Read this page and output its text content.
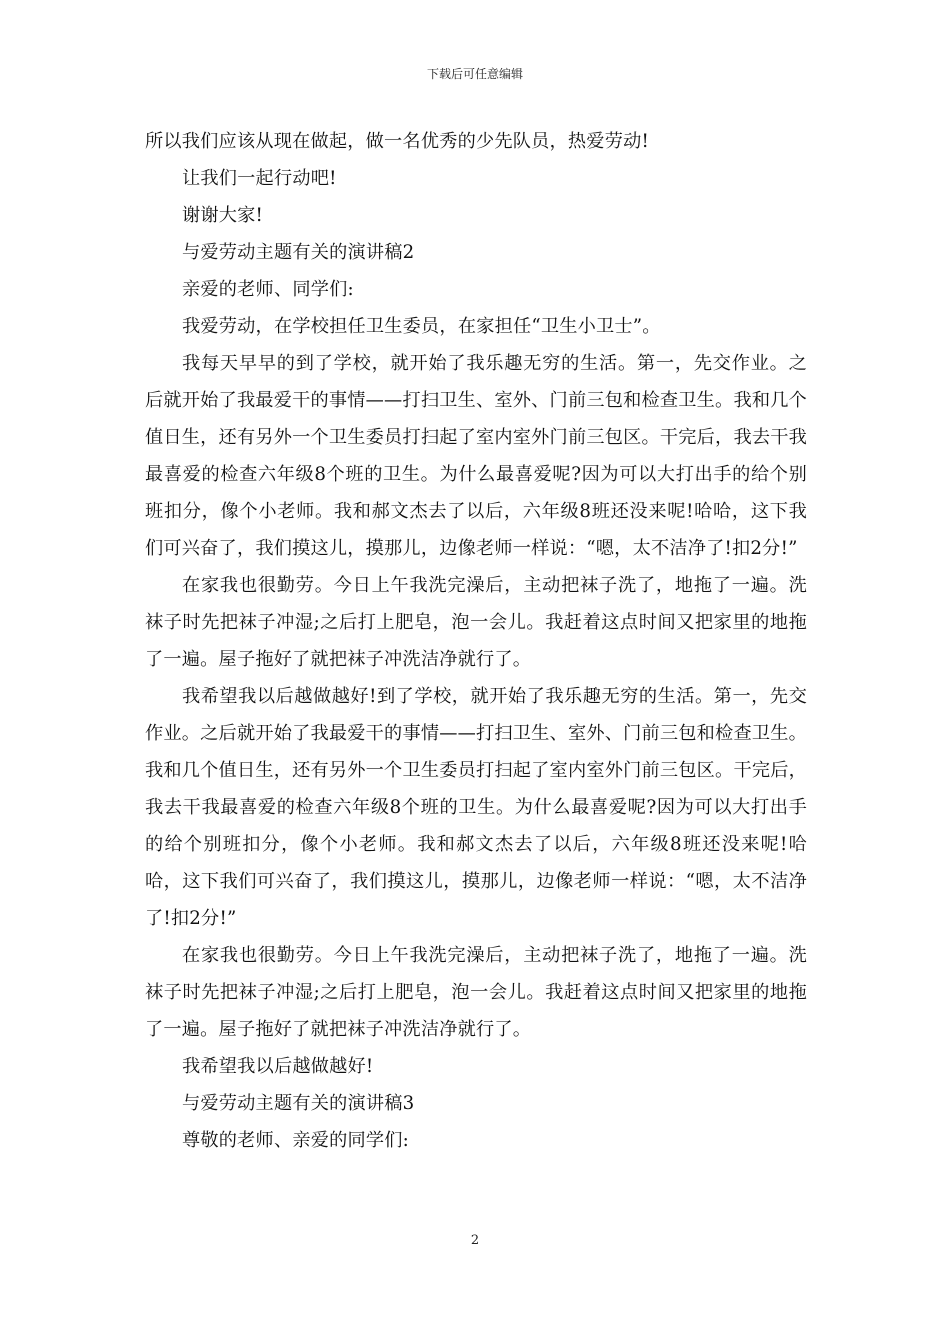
下载后可任意编辑

所以我们应该从现在做起，做一名优秀的少先队员，热爱劳动!

让我们一起行动吧!

谢谢大家!

与爱劳动主题有关的演讲稿2

亲爱的老师、同学们:

我爱劳动，在学校担任卫生委员，在家担任“卫生小卫士”。

我每天早早的到了学校，就开始了我乐趣无穷的生活。第一，先交作业。之后就开始了我最爱干的事情——打扫卫生、室外、门前三包和检查卫生。我和几个值日生，还有另外一个卫生委员打扫起了室内室外门前三包区。干完后，我去干我最喜爱的检查六年级8个班的卫生。为什么最喜爱呢?因为可以大打出手的给个别班扣分，像个小老师。我和郝文杰去了以后，六年级8班还没来呢!哈哈，这下我们可兴奋了，我们摸这儿，摸那儿，边像老师一样说：“嗯，太不洁净了!扣2分!”

在家我也很勤劳。今日上午我洗完澡后，主动把袜子洗了，地拖了一遍。洗袜子时先把袜子冲湿;之后打上肥皂，泡一会儿。我赶着这点时间又把家里的地拖了一遍。屋子拖好了就把袜子冲洗洁净就行了。

我希望我以后越做越好!到了学校，就开始了我乐趣无穷的生活。第一，先交作业。之后就开始了我最爱干的事情——打扫卫生、室外、门前三包和检查卫生。我和几个值日生，还有另外一个卫生委员打扫起了室内室外门前三包区。干完后，我去干我最喜爱的检查六年级8个班的卫生。为什么最喜爱呢?因为可以大打出手的给个别班扣分，像个小老师。我和郝文杰去了以后，六年级8班还没来呢!哈哈，这下我们可兴奋了，我们摸这儿，摸那儿，边像老师一样说：“嗯，太不洁净了!扣2分!”

在家我也很勤劳。今日上午我洗完澡后，主动把袜子洗了，地拖了一遍。洗袜子时先把袜子冲湿;之后打上肥皂，泡一会儿。我赶着这点时间又把家里的地拖了一遍。屋子拖好了就把袜子冲洗洁净就行了。

我希望我以后越做越好!

与爱劳动主题有关的演讲稿3

尊敬的老师、亲爱的同学们:

2
